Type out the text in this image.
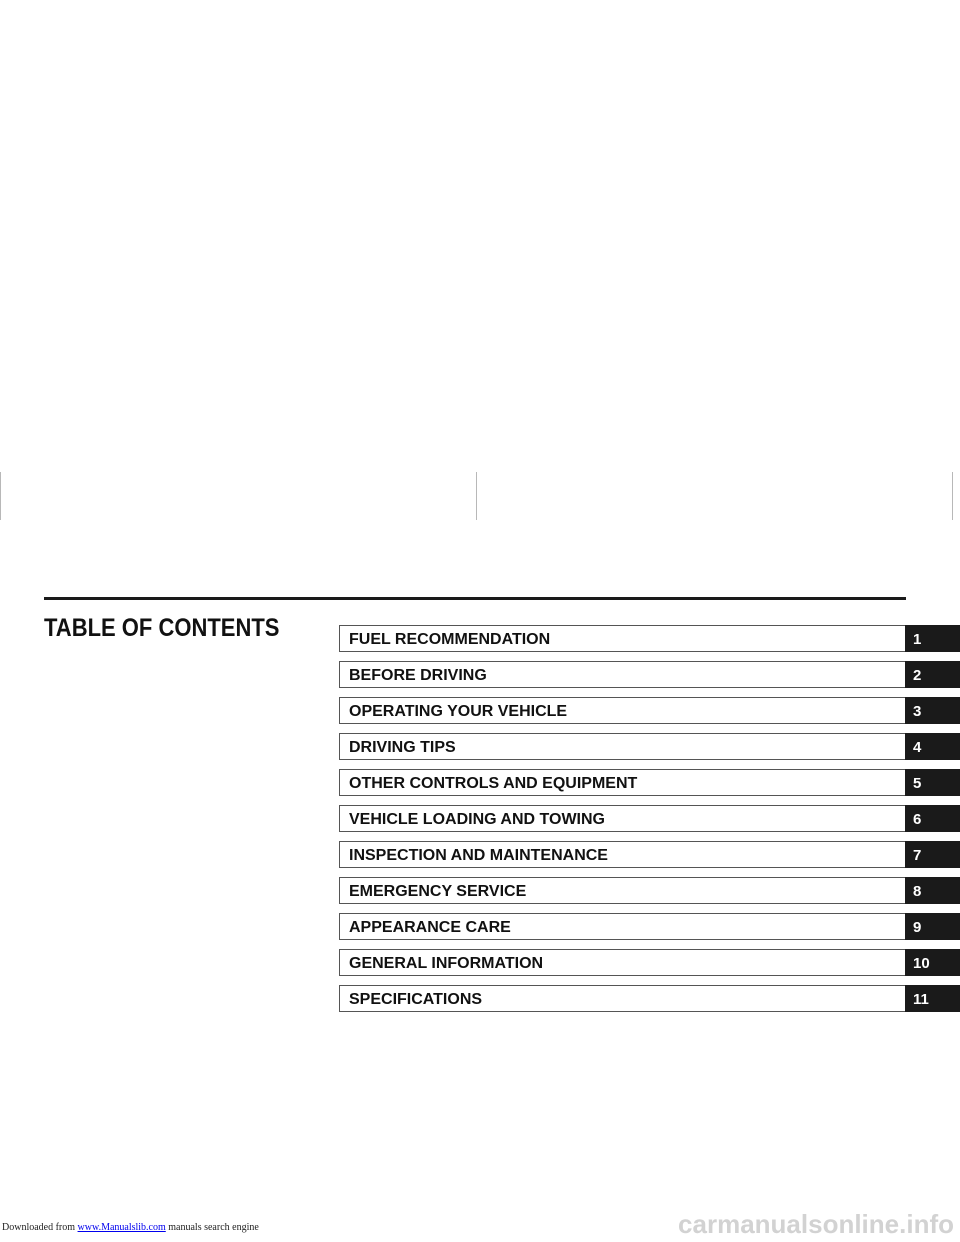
TABLE OF CONTENTS	FUEL RECOMMENDATION	1
BEFORE DRIVING	2
OPERATING YOUR VEHICLE	3
DRIVING TIPS	4
OTHER CONTROLS AND EQUIPMENT	5
VEHICLE LOADING AND TOWING	6
INSPECTION AND MAINTENANCE	7
EMERGENCY SERVICE	8
APPEARANCE CARE	9
GENERAL INFORMATION	10
SPECIFICATIONS	11
Downloaded from www.Manualslib.com manuals search engine	carmanualsonline.info
